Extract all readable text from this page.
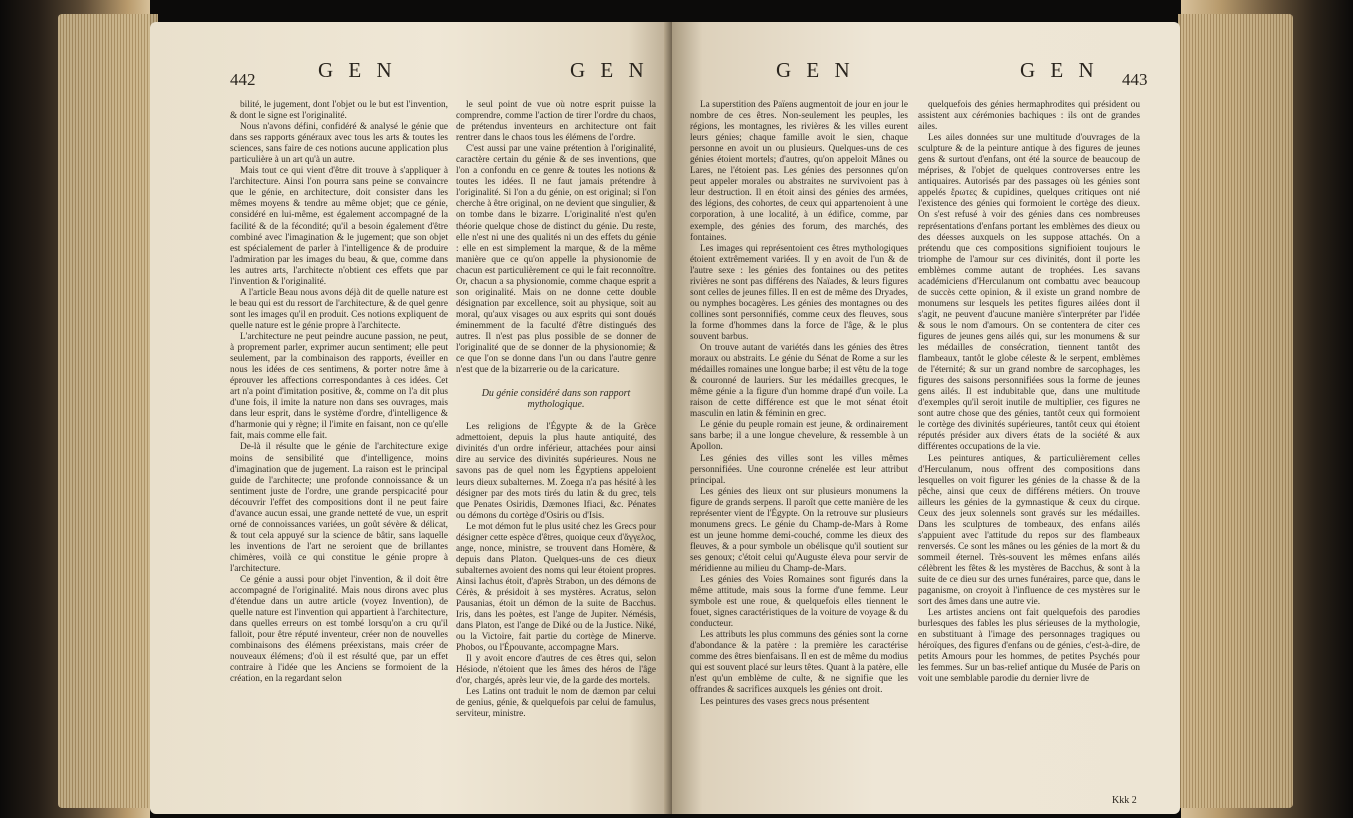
442	G E N	G E N

bilité, le jugement, dont l'objet ou le but est l'invention, & dont le signe est l'originalité.

Nous n'avons défini, confidéré & analysé le génie que dans ses rapports généraux avec tous les arts & toutes les sciences, sans faire de ces notions aucune application plus particulière à un art qu'à un autre.

Mais tout ce qui vient d'être dit trouve à s'appliquer à l'architecture. Ainsi l'on pourra sans peine se convaincre que le génie, en architecture, doit consister dans les mêmes moyens & tendre au même objet; que ce génie, considéré en lui-même, est également accompagné de la facilité & de la fécondité; qu'il a besoin également d'être combiné avec l'imagination & le jugement; que son objet est spécialement de parler à l'intelligence & de produire l'admiration par les images du beau, & que, comme dans les autres arts, l'architecte n'obtient ces effets que par l'invention & l'originalité.

A l'article Beau nous avons déjà dit de quelle nature est le beau qui est du ressort de l'architecture, & de quel genre sont les images qu'il en produit. Ces notions expliquent de quelle nature est le génie propre à l'architecte.

L'architecture ne peut peindre aucune passion, ne peut, à proprement parler, exprimer aucun sentiment; elle peut seulement, par la combinaison des rapports, éveiller en nous les idées de ces sentimens, & porter notre âme à éprouver les affections correspondantes à ces idées. Cet art n'a point d'imitation positive, &, comme on l'a dit plus d'une fois, il imite la nature non dans ses ouvrages, mais dans leur esprit, dans le système d'ordre, d'intelligence & d'harmonie qui y règne; il l'imite en faisant, non ce qu'elle fait, mais comme elle fait.

De-là il résulte que le génie de l'architecture exige moins de sensibilité que d'intelligence, moins d'imagination que de jugement. La raison est le principal guide de l'architecte; une profonde connoissance & un sentiment juste de l'ordre, une grande perspicacité pour découvrir l'effet des compositions dont il ne peut faire d'avance aucun essai, une grande netteté de vue, un esprit orné de connoissances variées, un goût sévère & délicat, & tout cela appuyé sur la science de bâtir, sans laquelle les inventions de l'art ne seroient que de brillantes chimères, voilà ce qui constitue le génie propre à l'architecture.

Ce génie a aussi pour objet l'invention, & il doit être accompagné de l'originalité. Mais nous dirons avec plus d'étendue dans un autre article (voyez Invention), de quelle nature est l'invention qui appartient à l'architecture, dans quelles erreurs on est tombé lorsqu'on a cru qu'il falloit, pour être réputé inventeur, créer non de nouvelles combinaisons des élémens préexistans, mais créer de nouveaux élémens; d'où il est résulté que, par un effet contraire à l'idée que les Anciens se formoient de la création, en la regardant selon

le seul point de vue où notre esprit puisse la comprendre, comme l'action de tirer l'ordre du chaos, de prétendus inventeurs en architecture ont fait rentrer dans le chaos tous les élémens de l'ordre.

C'est aussi par une vaine prétention à l'originalité, caractère certain du génie & de ses inventions, que l'on a confondu en ce genre & toutes les notions & toutes les idées. Il ne faut jamais prétendre à l'originalité. Si l'on a du génie, on est original; si l'on cherche à être original, on ne devient que singulier, & on tombe dans le bizarre. L'originalité n'est qu'en théorie quelque chose de distinct du génie. Du reste, elle n'est ni une des qualités ni un des effets du génie : elle en est simplement la marque, & de la même manière que ce qu'on appelle la physionomie de chacun est particulièrement ce qui le fait reconnoître. Or, chacun a sa physionomie, comme chaque esprit a son originalité. Mais on ne donne cette double désignation par excellence, soit au physique, soit au moral, qu'aux visages ou aux esprits qui sont doués éminemment de la faculté d'être distingués des autres. Il n'est pas plus possible de se donner de l'originalité que de se donner de la physionomie; & ce que l'on se donne dans l'un ou dans l'autre genre n'est que de la bizarrerie ou de la caricature.

Du génie considéré dans son rapport mythologique.

Les religions de l'Égypte & de la Grèce admettoient, depuis la plus haute antiquité, des divinités d'un ordre inférieur, attachées pour ainsi dire au service des divinités supérieures. Nous ne savons pas de quel nom les Égyptiens appeloient leurs dieux subalternes. M. Zoega n'a pas hésité à les désigner par des mots tirés du latin & du grec, tels que Penates Osiridis, Dæmones Ifiaci, &c. Pénates ou démons du cortège d'Osiris ou d'Isis.

Le mot démon fut le plus usité chez les Grecs pour désigner cette espèce d'êtres, quoique ceux d'ἄγγελος, ange, nonce, ministre, se trouvent dans Homère, & depuis dans Platon. Quelques-uns de ces dieux subalternes avoient des noms qui leur étoient propres. Ainsi Iachus étoit, d'après Strabon, un des démons de Cérès, & présidoit à ses mystères. Acratus, selon Pausanias, étoit un démon de la suite de Bacchus. Iris, dans les poètes, est l'ange de Jupiter. Némésis, dans Platon, est l'ange de Diké ou de la Justice. Niké, ou la Victoire, fait partie du cortège de Minerve. Phobos, ou l'Épouvante, accompagne Mars.

Il y avoit encore d'autres de ces êtres qui, selon Hésiode, n'étoient que les âmes des héros de l'âge d'or, chargés, après leur vie, de la garde des mortels.

Les Latins ont traduit le nom de dæmon par celui de genius, génie, & quelquefois par celui de famulus, serviteur, ministre.

G E N	G E N 443

La superstition des Païens augmentoit de jour en jour le nombre de ces êtres. Non-seulement les peuples, les régions, les montagnes, les rivières & les villes eurent leurs génies; chaque famille avoit le sien, chaque personne en avoit un ou plusieurs. Quelques-uns de ces génies étoient mortels; d'autres, qu'on appeloit Mânes ou Lares, ne l'étoient pas. Les génies des personnes qu'on peut appeler morales ou abstraites ne survivoient pas à leur destruction. Il en étoit ainsi des génies des armées, des légions, des cohortes, de ceux qui appartenoient à une corporation, à une localité, à un édifice, comme, par exemple, des génies des forum, des marchés, des fontaines.

Les images qui représentoient ces êtres mythologiques étoient extrêmement variées. Il y en avoit de l'un & de l'autre sexe : les génies des fontaines ou des petites rivières ne sont pas différens des Naïades, & leurs figures sont celles de jeunes filles. Il en est de même des Dryades, ou nymphes bocagères. Les génies des montagnes ou des collines sont personnifiés, comme ceux des fleuves, sous la forme d'hommes dans la force de l'âge, & le plus souvent barbus.

On trouve autant de variétés dans les génies des êtres moraux ou abstraits. Le génie du Sénat de Rome a sur les médailles romaines une longue barbe; il est vêtu de la toge & couronné de lauriers. Sur les médailles grecques, le même génie a la figure d'un homme drapé d'un voile. La raison de cette différence est que le mot sénat étoit masculin en latin & féminin en grec.

Le génie du peuple romain est jeune, & ordinairement sans barbe; il a une longue chevelure, & ressemble à un Apollon.

Les génies des villes sont les villes mêmes personnifiées. Une couronne crénelée est leur attribut principal.

Les génies des lieux ont sur plusieurs monumens la figure de grands serpens. Il paroît que cette manière de les représenter vient de l'Égypte. On la retrouve sur plusieurs monumens grecs. Le génie du Champ-de-Mars à Rome est un jeune homme demi-couché, comme les dieux des fleuves, & a pour symbole un obélisque qu'il soutient sur ses genoux; c'étoit celui qu'Auguste éleva pour servir de méridienne au milieu du Champ-de-Mars.

Les génies des Voies Romaines sont figurés dans la même attitude, mais sous la forme d'une femme. Leur symbole est une roue, & quelquefois elles tiennent le fouet, signes caractéristiques de la voiture de voyage & du conducteur.

Les attributs les plus communs des génies sont la corne d'abondance & la patère : la première les caractérise comme des êtres bienfaisans. Il en est de même du modius qui est souvent placé sur leurs têtes. Quant à la patère, elle n'est qu'un emblème de culte, & ne signifie que les offrandes & sacrifices auxquels les génies ont droit.

Les peintures des vases grecs nous présentent

quelquefois des génies hermaphrodites qui président ou assistent aux cérémonies bachiques : ils ont de grandes ailes.

Les ailes données sur une multitude d'ouvrages de la sculpture & de la peinture antique à des figures de jeunes gens & surtout d'enfans, ont été la source de beaucoup de méprises, & l'objet de quelques controverses entre les antiquaires. Autorisés par des passages où les génies sont appelés ἔρωτες & cupidines, quelques critiques ont nié l'existence des génies qui formoient le cortège des dieux. On s'est refusé à voir des génies dans ces nombreuses représentations d'enfans portant les emblèmes des dieux ou des déesses auxquels on les suppose attachés. On a prétendu que ces compositions signifioient toujours le triomphe de l'amour sur ces divinités, dont il porte les emblèmes comme autant de trophées. Les savans académiciens d'Herculanum ont combattu avec beaucoup de succès cette opinion, & il existe un grand nombre de monumens sur lesquels les petites figures ailées dont il s'agit, ne peuvent d'aucune manière s'interpréter par l'idée & sous le nom d'amours. On se contentera de citer ces figures de jeunes gens ailés qui, sur les monumens & sur les médailles de consécration, tiennent tantôt des flambeaux, tantôt le globe céleste & le serpent, emblèmes de l'éternité; & sur un grand nombre de sarcophages, les figures des saisons personnifiées sous la forme de jeunes gens ailés. Il est indubitable que, dans une multitude d'exemples qu'il seroit inutile de multiplier, ces figures ne sont autre chose que des génies, tantôt ceux qui formoient le cortège des divinités supérieures, tantôt ceux qui étoient réputés présider aux divers états de la société & aux différentes occupations de la vie.

Les peintures antiques, & particulièrement celles d'Herculanum, nous offrent des compositions dans lesquelles on voit figurer les génies de la chasse & de la pêche, ainsi que ceux de différens métiers. On trouve ailleurs les génies de la gymnastique & ceux du cirque. Ceux des jeux solennels sont gravés sur les médailles. Dans les sculptures de tombeaux, des enfans ailés s'appuient avec l'attitude du repos sur des flambeaux renversés. Ce sont les mânes ou les génies de la mort & du sommeil éternel. Très-souvent les mêmes enfans ailés célèbrent les fêtes & les mystères de Bacchus, & sont à la suite de ce dieu sur des urnes funéraires, parce que, dans le paganisme, on croyoit à l'influence de ces mystères sur le sort des âmes dans une autre vie.

Les artistes anciens ont fait quelquefois des parodies burlesques des fables les plus sérieuses de la mythologie, en substituant à l'image des personnages tragiques ou héroïques, des figures d'enfans ou de génies, c'est-à-dire, de petits Amours pour les hommes, de petites Psychés pour les femmes. Sur un bas-relief antique du Musée de Paris on voit une semblable parodie du dernier livre de

Kkk 2
